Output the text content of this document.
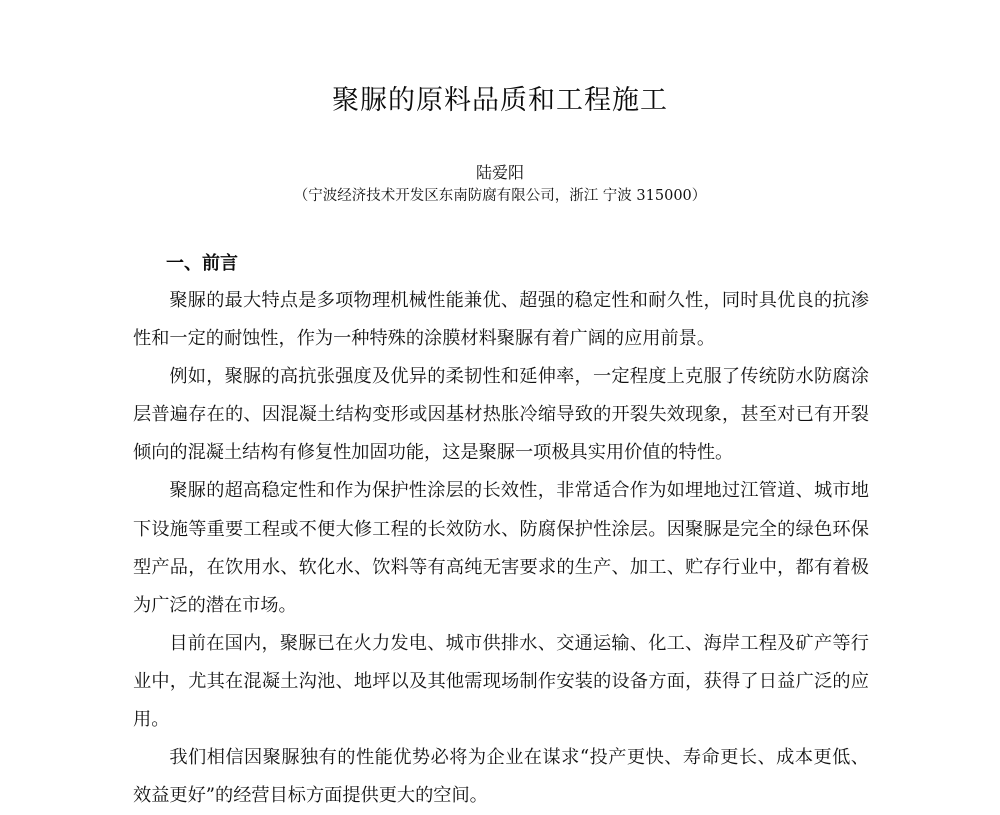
聚脲的原料品质和工程施工
陆爱阳
（宁波经济技术开发区东南防腐有限公司，浙江 宁波 315000）
一、前言

聚脲的最大特点是多项物理机械性能兼优、超强的稳定性和耐久性，同时具优良的抗渗性和一定的耐蚀性，作为一种特殊的涂膜材料聚脲有着广阔的应用前景。

例如，聚脲的高抗张强度及优异的柔韧性和延伸率，一定程度上克服了传统防水防腐涂层普遍存在的、因混凝土结构变形或因基材热胀冷缩导致的开裂失效现象，甚至对已有开裂倾向的混凝土结构有修复性加固功能，这是聚脲一项极具实用价值的特性。

聚脲的超高稳定性和作为保护性涂层的长效性，非常适合作为如埋地过江管道、城市地下设施等重要工程或不便大修工程的长效防水、防腐保护性涂层。因聚脲是完全的绿色环保型产品，在饮用水、软化水、饮料等有高纯无害要求的生产、加工、贮存行业中，都有着极为广泛的潜在市场。

目前在国内，聚脲已在火力发电、城市供排水、交通运输、化工、海岸工程及矿产等行业中，尤其在混凝土沟池、地坪以及其他需现场制作安装的设备方面，获得了日益广泛的应用。

我们相信因聚脲独有的性能优势必将为企业在谋求“投产更快、寿命更长、成本更低、效益更好”的经营目标方面提供更大的空间。
